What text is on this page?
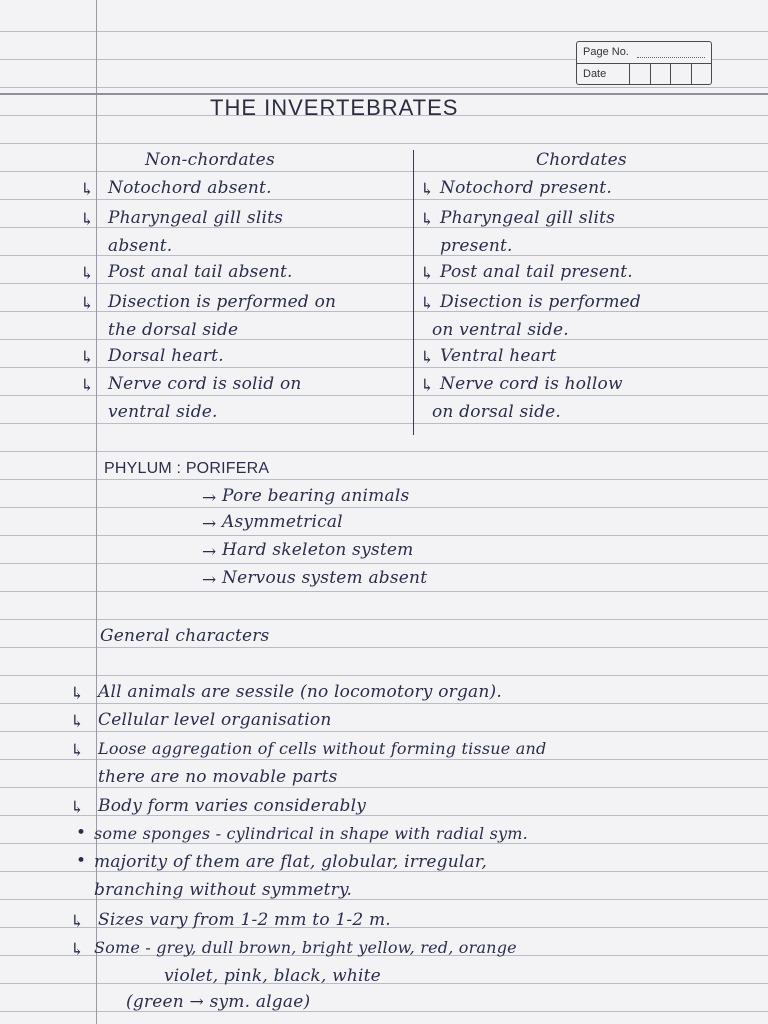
Page No.
Date
THE INVERTEBRATES
Non-chordates	Chordates
↳ Notochord absent.
↳ Pharyngeal gill slits
absent.
↳ Post anal tail absent.
↳ Disection is performed on
the dorsal side
↳ Dorsal heart.
↳ Nerve cord is solid on
ventral side.
↳ Notochord present.
↳ Pharyngeal gill slits
present.
↳ Post anal tail present.
↳ Disection is performed
on ventral side.
↳ Ventral heart
↳ Nerve cord is hollow
on dorsal side.
PHYLUM : PORIFERA
→ Pore bearing animals
→ Asymmetrical
→ Hard skeleton system
→ Nervous system absent
General characters
↳ All animals are sessile (no locomotory organ).
↳ Cellular level organisation
↳ Loose aggregation of cells without forming tissue and
there are no movable parts
↳ Body form varies considerably
• some sponges - cylindrical in shape with radial sym.
• majority of them are flat, globular, irregular,
branching without symmetry.
↳ Sizes vary from 1-2 mm to 1-2 m.
↳ Some - grey, dull brown, bright yellow, red, orange
violet, pink, black, white
(green → sym. algae)
